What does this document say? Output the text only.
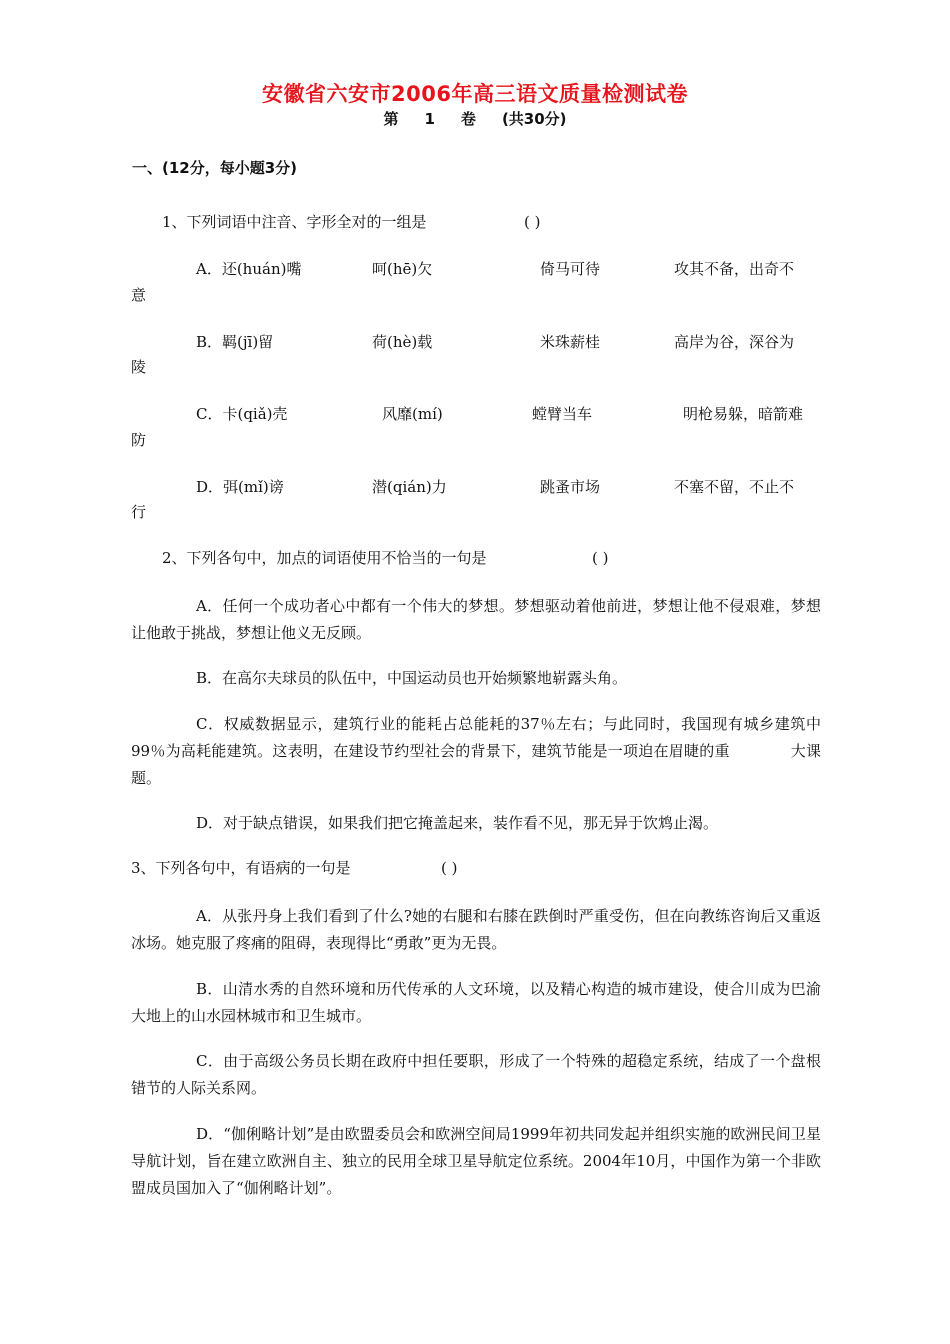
安徽省六安市2006年高三语文质量检测试卷
第 1 卷 (共30分)
一、(12分，每小题3分)
1、下列词语中注音、字形全对的一组是	( )
A．还(huán)嘴	呵(hē)欠	倚马可待	攻其不备，出奇不
意
B．羁(jī)留	荷(hè)载	米珠薪桂	高岸为谷，深谷为
陵
C．卡(qiǎ)壳	风靡(mí)	螳臂当车	明枪易躲，暗箭难
防
D．弭(mǐ)谤	潜(qián)力	跳蚤市场	不塞不留，不止不
行
2、下列各句中，加点的词语使用不恰当的一句是	( )
A．任何一个成功者心中都有一个伟大的梦想。梦想驱动着他前进，梦想让他不侵艰难，梦想让他敢于挑战，梦想让他义无反顾。
B．在高尔夫球员的队伍中，中国运动员也开始频繁地崭露头角。
C．权威数据显示，建筑行业的能耗占总能耗的37％左右；与此同时，我国现有城乡建筑中99％为高耗能建筑。这表明，在建设节约型社会的背景下，建筑节能是一项迫在眉睫的重　　　　大课题。
D．对于缺点错误，如果我们把它掩盖起来，装作看不见，那无异于饮鸩止渴。
3、下列各句中，有语病的一句是	( )
A．从张丹身上我们看到了什么?她的右腿和右膝在跌倒时严重受伤，但在向教练咨询后又重返冰场。她克服了疼痛的阻碍，表现得比“勇敢”更为无畏。
B．山清水秀的自然环境和历代传承的人文环境，以及精心构造的城市建设，使合川成为巴渝大地上的山水园林城市和卫生城市。
C．由于高级公务员长期在政府中担任要职，形成了一个特殊的超稳定系统，结成了一个盘根错节的人际关系网。
D．“伽俐略计划”是由欧盟委员会和欧洲空间局1999年初共同发起并组织实施的欧洲民间卫星导航计划，旨在建立欧洲自主、独立的民用全球卫星导航定位系统。2004年10月，中国作为第一个非欧盟成员国加入了“伽俐略计划”。
